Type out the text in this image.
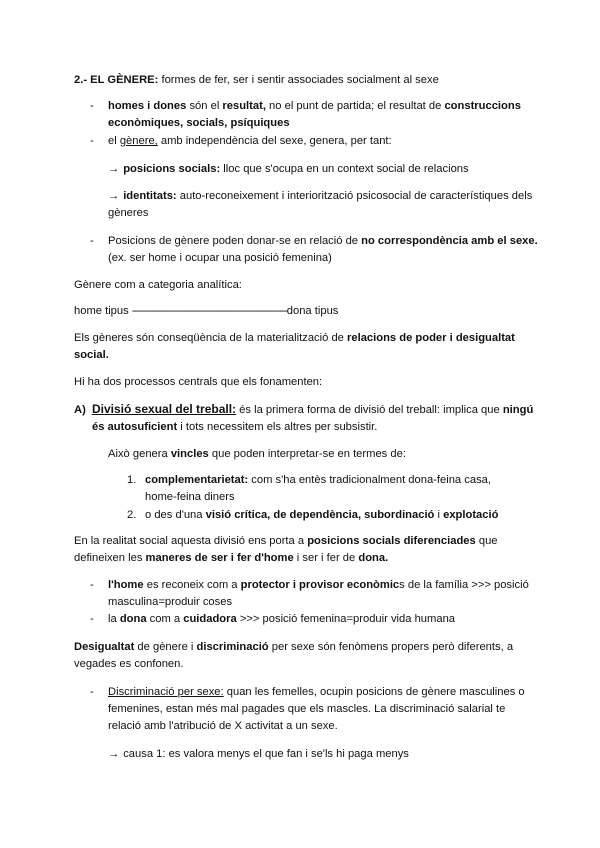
2.- EL GÈNERE: formes de fer, ser i sentir associades socialment al sexe
- homes i dones són el resultat, no el punt de partida; el resultat de construccions
econòmiques, socials, psíquiques
- el gènere, amb independència del sexe, genera, per tant:
→ posicions socials: lloc que s'ocupa en un context social de relacions
→ identitats: auto-reconeixement i interiorització psicosocial de característiques dels
gèneres
- Posicions de gènere poden donar-se en relació de no correspondència amb el sexe.
(ex. ser home i ocupar una posició femenina)
Gènere com a categoria analítica:
home tipus -----------------------------------------------------------dona tipus
Els gèneres són conseqüència de la materialització de relacions de poder i desigualtat
social.
Hi ha dos processos centrals que els fonamenten:
A) Divisió sexual del treball: és la primera forma de divisió del treball: implica que ningú
és autosuficient i tots necessitem els altres per subsistir.
Això genera vincles que poden interpretar-se en termes de:
1. complementarietat: com s'ha entès tradicionalment dona-feina casa,
home-feina diners
2. o des d'una visió crítica, de dependència, subordinació i explotació
En la realitat social aquesta divisió ens porta a posicions socials diferenciades que
defineixen les maneres de ser i fer d'home i ser i fer de dona.
- l'home es reconeix com a protector i provisor econòmics de la família >>> posició
masculina=produir coses
- la dona com a cuidadora >>> posició femenina=produir vida humana
Desigualtat de gènere i discriminació per sexe són fenòmens propers però diferents, a
vegades es confonen.
- Discriminació per sexe: quan les femelles, ocupin posicions de gènere masculines o
femenines, estan més mal pagades que els mascles. La discriminació salarial te
relació amb l'atribució de X activitat a un sexe.
→ causa 1: es valora menys el que fan i se'ls hi paga menys
